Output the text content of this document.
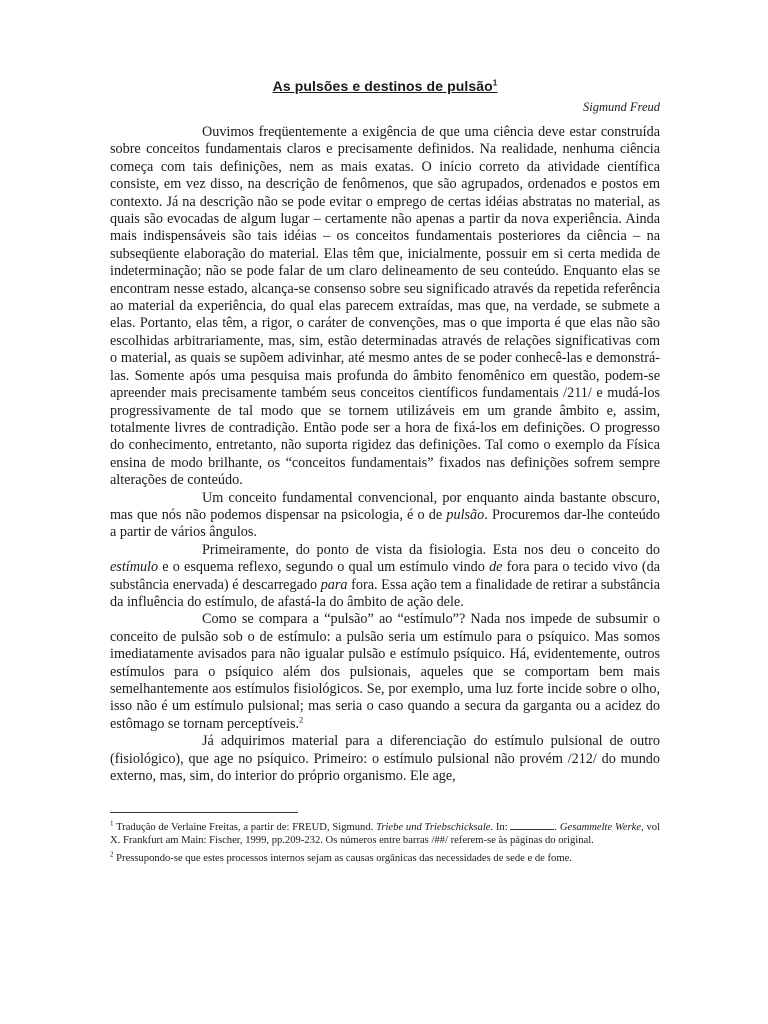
As pulsões e destinos de pulsão$^1$
Sigmund Freud

Ouvimos freqüentemente a exigência de que uma ciência deve estar construída sobre conceitos fundamentais claros e precisamente definidos. Na realidade, nenhuma ciência começa com tais definições, nem as mais exatas. O início correto da atividade científica consiste, em vez disso, na descrição de fenômenos, que são agrupados, ordenados e postos em contexto. Já na descrição não se pode evitar o emprego de certas idéias abstratas no material, as quais são evocadas de algum lugar – certamente não apenas a partir da nova experiência. Ainda mais indispensáveis são tais idéias – os conceitos fundamentais posteriores da ciência – na subseqüente elaboração do material. Elas têm que, inicialmente, possuir em si certa medida de indeterminação; não se pode falar de um claro delineamento de seu conteúdo. Enquanto elas se encontram nesse estado, alcança-se consenso sobre seu significado através da repetida referência ao material da experiência, do qual elas parecem extraídas, mas que, na verdade, se submete a elas. Portanto, elas têm, a rigor, o caráter de convenções, mas o que importa é que elas não são escolhidas arbitrariamente, mas, sim, estão determinadas através de relações significativas com o material, as quais se supõem adivinhar, até mesmo antes de se poder conhecê-las e demonstrá-las. Somente após uma pesquisa mais profunda do âmbito fenomênico em questão, podem-se apreender mais precisamente também seus conceitos científicos fundamentais /211/ e mudá-los progressivamente de tal modo que se tornem utilizáveis em um grande âmbito e, assim, totalmente livres de contradição. Então pode ser a hora de fixá-los em definições. O progresso do conhecimento, entretanto, não suporta rigidez das definições. Tal como o exemplo da Física ensina de modo brilhante, os “conceitos fundamentais” fixados nas definições sofrem sempre alterações de conteúdo.

Um conceito fundamental convencional, por enquanto ainda bastante obscuro, mas que nós não podemos dispensar na psicologia, é o de pulsão. Procuremos dar-lhe conteúdo a partir de vários ângulos.

Primeiramente, do ponto de vista da fisiologia. Esta nos deu o conceito do estímulo e o esquema reflexo, segundo o qual um estímulo vindo de fora para o tecido vivo (da substância enervada) é descarregado para fora. Essa ação tem a finalidade de retirar a substância da influência do estímulo, de afastá-la do âmbito de ação dele.

Como se compara a “pulsão” ao “estímulo”? Nada nos impede de subsumir o conceito de pulsão sob o de estímulo: a pulsão seria um estímulo para o psíquico. Mas somos imediatamente avisados para não igualar pulsão e estímulo psíquico. Há, evidentemente, outros estímulos para o psíquico além dos pulsionais, aqueles que se comportam bem mais semelhantemente aos estímulos fisiológicos. Se, por exemplo, uma luz forte incide sobre o olho, isso não é um estímulo pulsional; mas seria o caso quando a secura da garganta ou a acidez do estômago se tornam perceptíveis.$^2$

Já adquirimos material para a diferenciação do estímulo pulsional de outro (fisiológico), que age no psíquico. Primeiro: o estímulo pulsional não provém /212/ do mundo externo, mas, sim, do interior do próprio organismo. Ele age,

$^1$ Tradução de Verlaine Freitas, a partir de: FREUD, Sigmund. Triebe und Triebschicksale. In:	. Gesammelte Werke, vol X. Frankfurt am Main: Fischer, 1999, pp.209-232. Os números entre barras /##/ referem-se às páginas do original.

$^2$ Pressupondo-se que estes processos internos sejam as causas orgânicas das necessidades de sede e de fome.
